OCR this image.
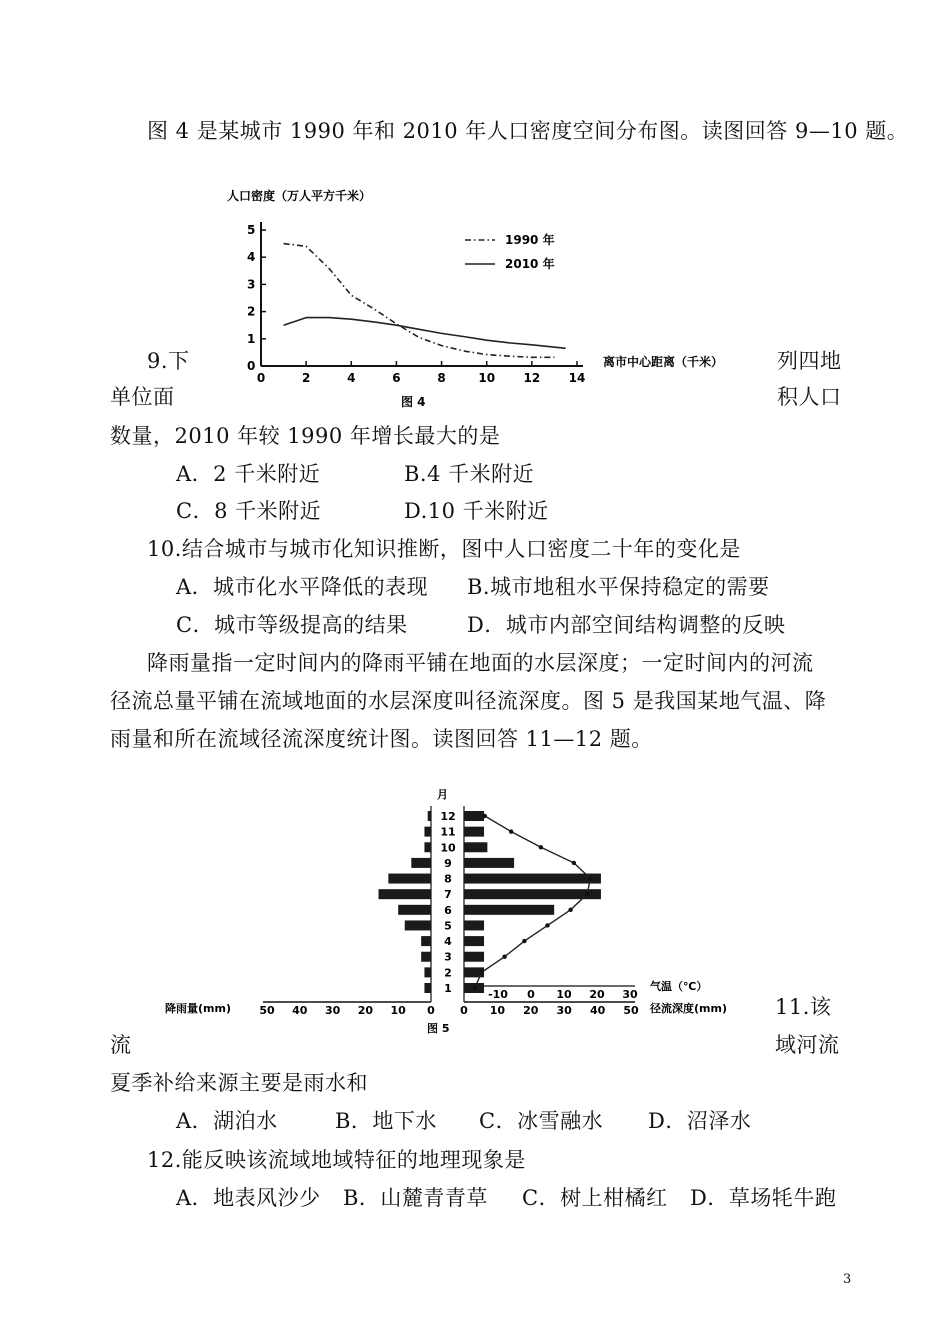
图 4 是某城市 1990 年和 2010 年人口密度空间分布图。读图回答 9—10 题。
人口密度（万人平方千米）
0
1
2
3
4
5
0	2	4	6	8	10 12 14
1990 年
2010 年
离市中心距离（千米）
图 4
9.下	列四地
单位面	积人口
数量，2010 年较 1990 年增长最大的是
A．2 千米附近	B.4 千米附近
C．8 千米附近	D.10 千米附近
10.结合城市与城市化知识推断，图中人口密度二十年的变化是
A．城市化水平降低的表现 B.城市地租水平保持稳定的需要
C．城市等级提高的结果	D．城市内部空间结构调整的反映
降雨量指一定时间内的降雨平铺在地面的水层深度；一定时间内的河流
径流总量平铺在流域地面的水层深度叫径流深度。图 5 是我国某地气温、降
雨量和所在流域径流深度统计图。读图回答 11—12 题。
月
1
2
3
4
5
6
7
8
9
10
11
12
50 40 30 20 10 0 0 10 20 30 40 50
-10 0 10 20 30
降雨量(mm)	径流深度(mm)
气温（℃）
图 5
11.该
流	域河流
夏季补给来源主要是雨水和
A．湖泊水	B．地下水 C．冰雪融水 D．沼泽水
12.能反映该流域地域特征的地理现象是
A．地表风沙少 B．山麓青青草 C．树上柑橘红 D．草场牦牛跑
3
